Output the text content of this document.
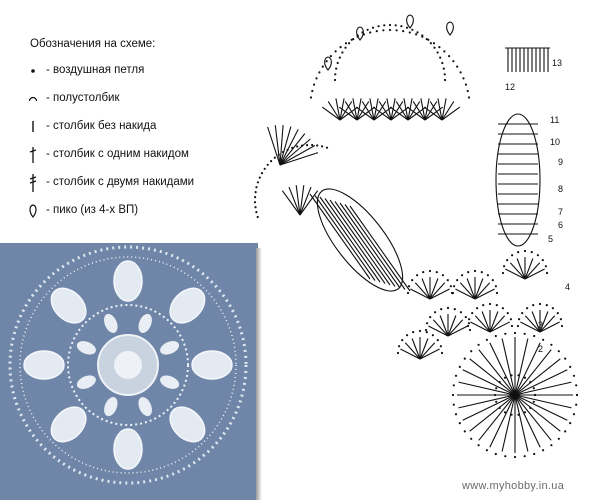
Обозначения на схеме:
- воздушная петля
- полустолбик
- столбик без накида
- столбик с одним накидом
- столбик с двумя накидами
- пико (из 4-х ВП)
13
12
11
10
9
8
7
6
5
4
3
2
www.myhobby.in.ua
